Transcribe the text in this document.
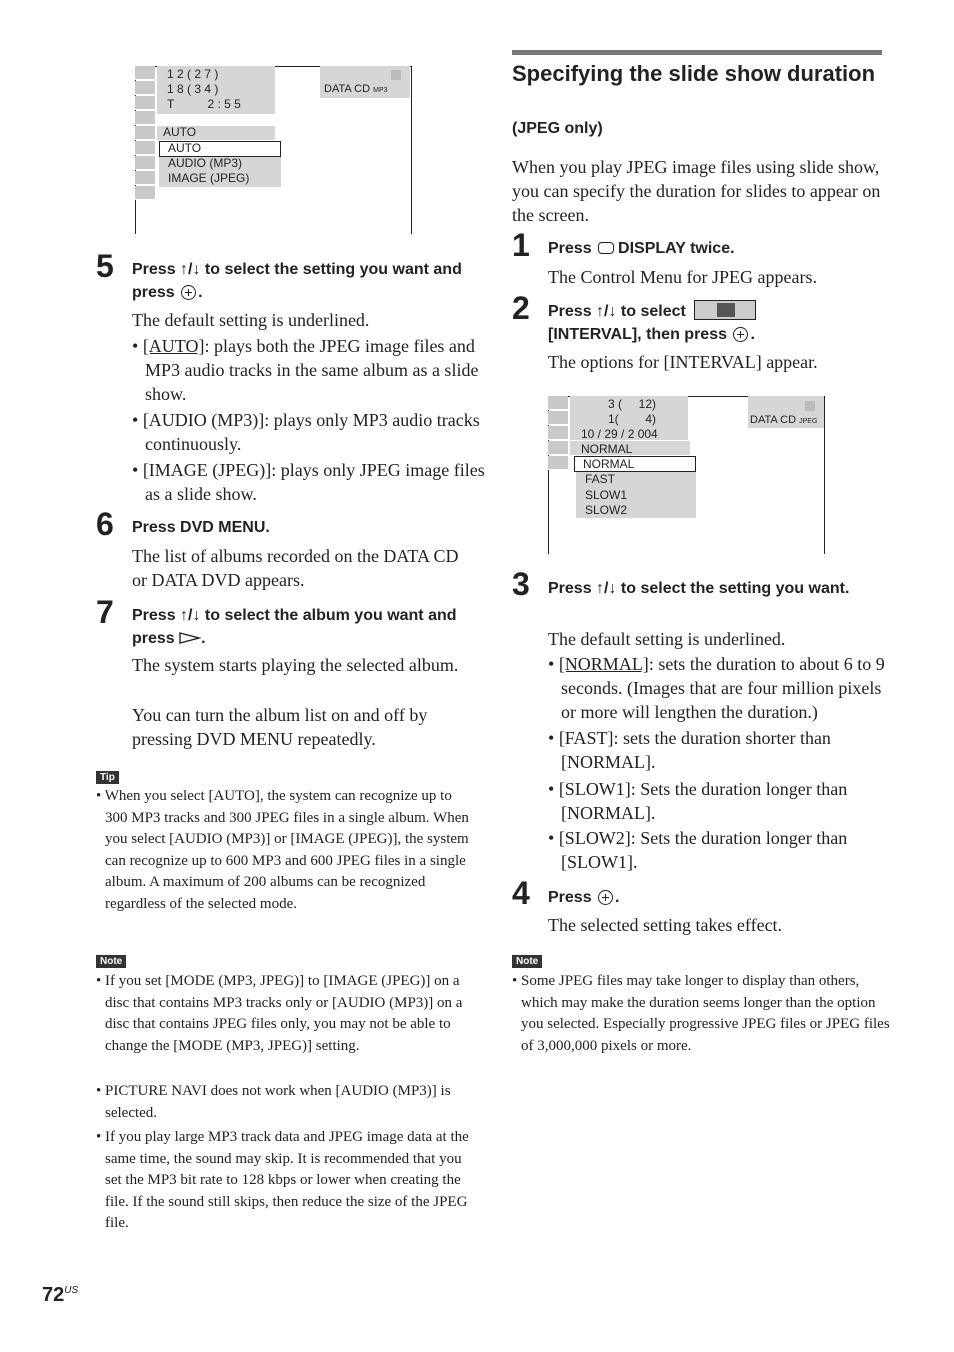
1 2 ( 2 7 )
1 8 ( 3 4 )
T          2 : 5 5
DATA CD MP3
AUTO
AUTO
AUDIO (MP3)
IMAGE (JPEG)
5 Press ↑/↓ to select the setting you want and press .
The default setting is underlined.
• [AUTO]: plays both the JPEG image files and MP3 audio tracks in the same album as a slide show.
• [AUDIO (MP3)]: plays only MP3 audio tracks continuously.
• [IMAGE (JPEG)]: plays only JPEG image files as a slide show.
6 Press DVD MENU.
The list of albums recorded on the DATA CD or DATA DVD appears.
7 Press ↑/↓ to select the album you want and press .
The system starts playing the selected album.
You can turn the album list on and off by pressing DVD MENU repeatedly.
Tip
• When you select [AUTO], the system can recognize up to 300 MP3 tracks and 300 JPEG files in a single album. When you select [AUDIO (MP3)] or [IMAGE (JPEG)], the system can recognize up to 600 MP3 and 600 JPEG files in a single album. A maximum of 200 albums can be recognized regardless of the selected mode.
Note
• If you set [MODE (MP3, JPEG)] to [IMAGE (JPEG)] on a disc that contains MP3 tracks only or [AUDIO (MP3)] on a disc that contains JPEG files only, you may not be able to change the [MODE (MP3, JPEG)] setting.
• PICTURE NAVI does not work when [AUDIO (MP3)] is selected.
• If you play large MP3 track data and JPEG image data at the same time, the sound may skip. It is recommended that you set the MP3 bit rate to 128 kbps or lower when creating the file. If the sound still skips, then reduce the size of the JPEG file.
Specifying the slide show duration
(JPEG only)
When you play JPEG image files using slide show, you can specify the duration for slides to appear on the screen.
1 Press DISPLAY twice.
The Control Menu for JPEG appears.
2 Press ↑/↓ to select

[INTERVAL], then press .
The options for [INTERVAL] appear.
3 (     12)
1(        4)
10 / 29 / 2 004
DATA CD JPEG
NORMAL
NORMAL
FAST
SLOW1
SLOW2
3 Press ↑/↓ to select the setting you want.
The default setting is underlined.
• [NORMAL]: sets the duration to about 6 to 9 seconds. (Images that are four million pixels or more will lengthen the duration.)
• [FAST]: sets the duration shorter than [NORMAL].
• [SLOW1]: Sets the duration longer than [NORMAL].
• [SLOW2]: Sets the duration longer than [SLOW1].
4 Press .
The selected setting takes effect.
Note
• Some JPEG files may take longer to display than others, which may make the duration seems longer than the option you selected. Especially progressive JPEG files or JPEG files of 3,000,000 pixels or more.
$72^{US}$
